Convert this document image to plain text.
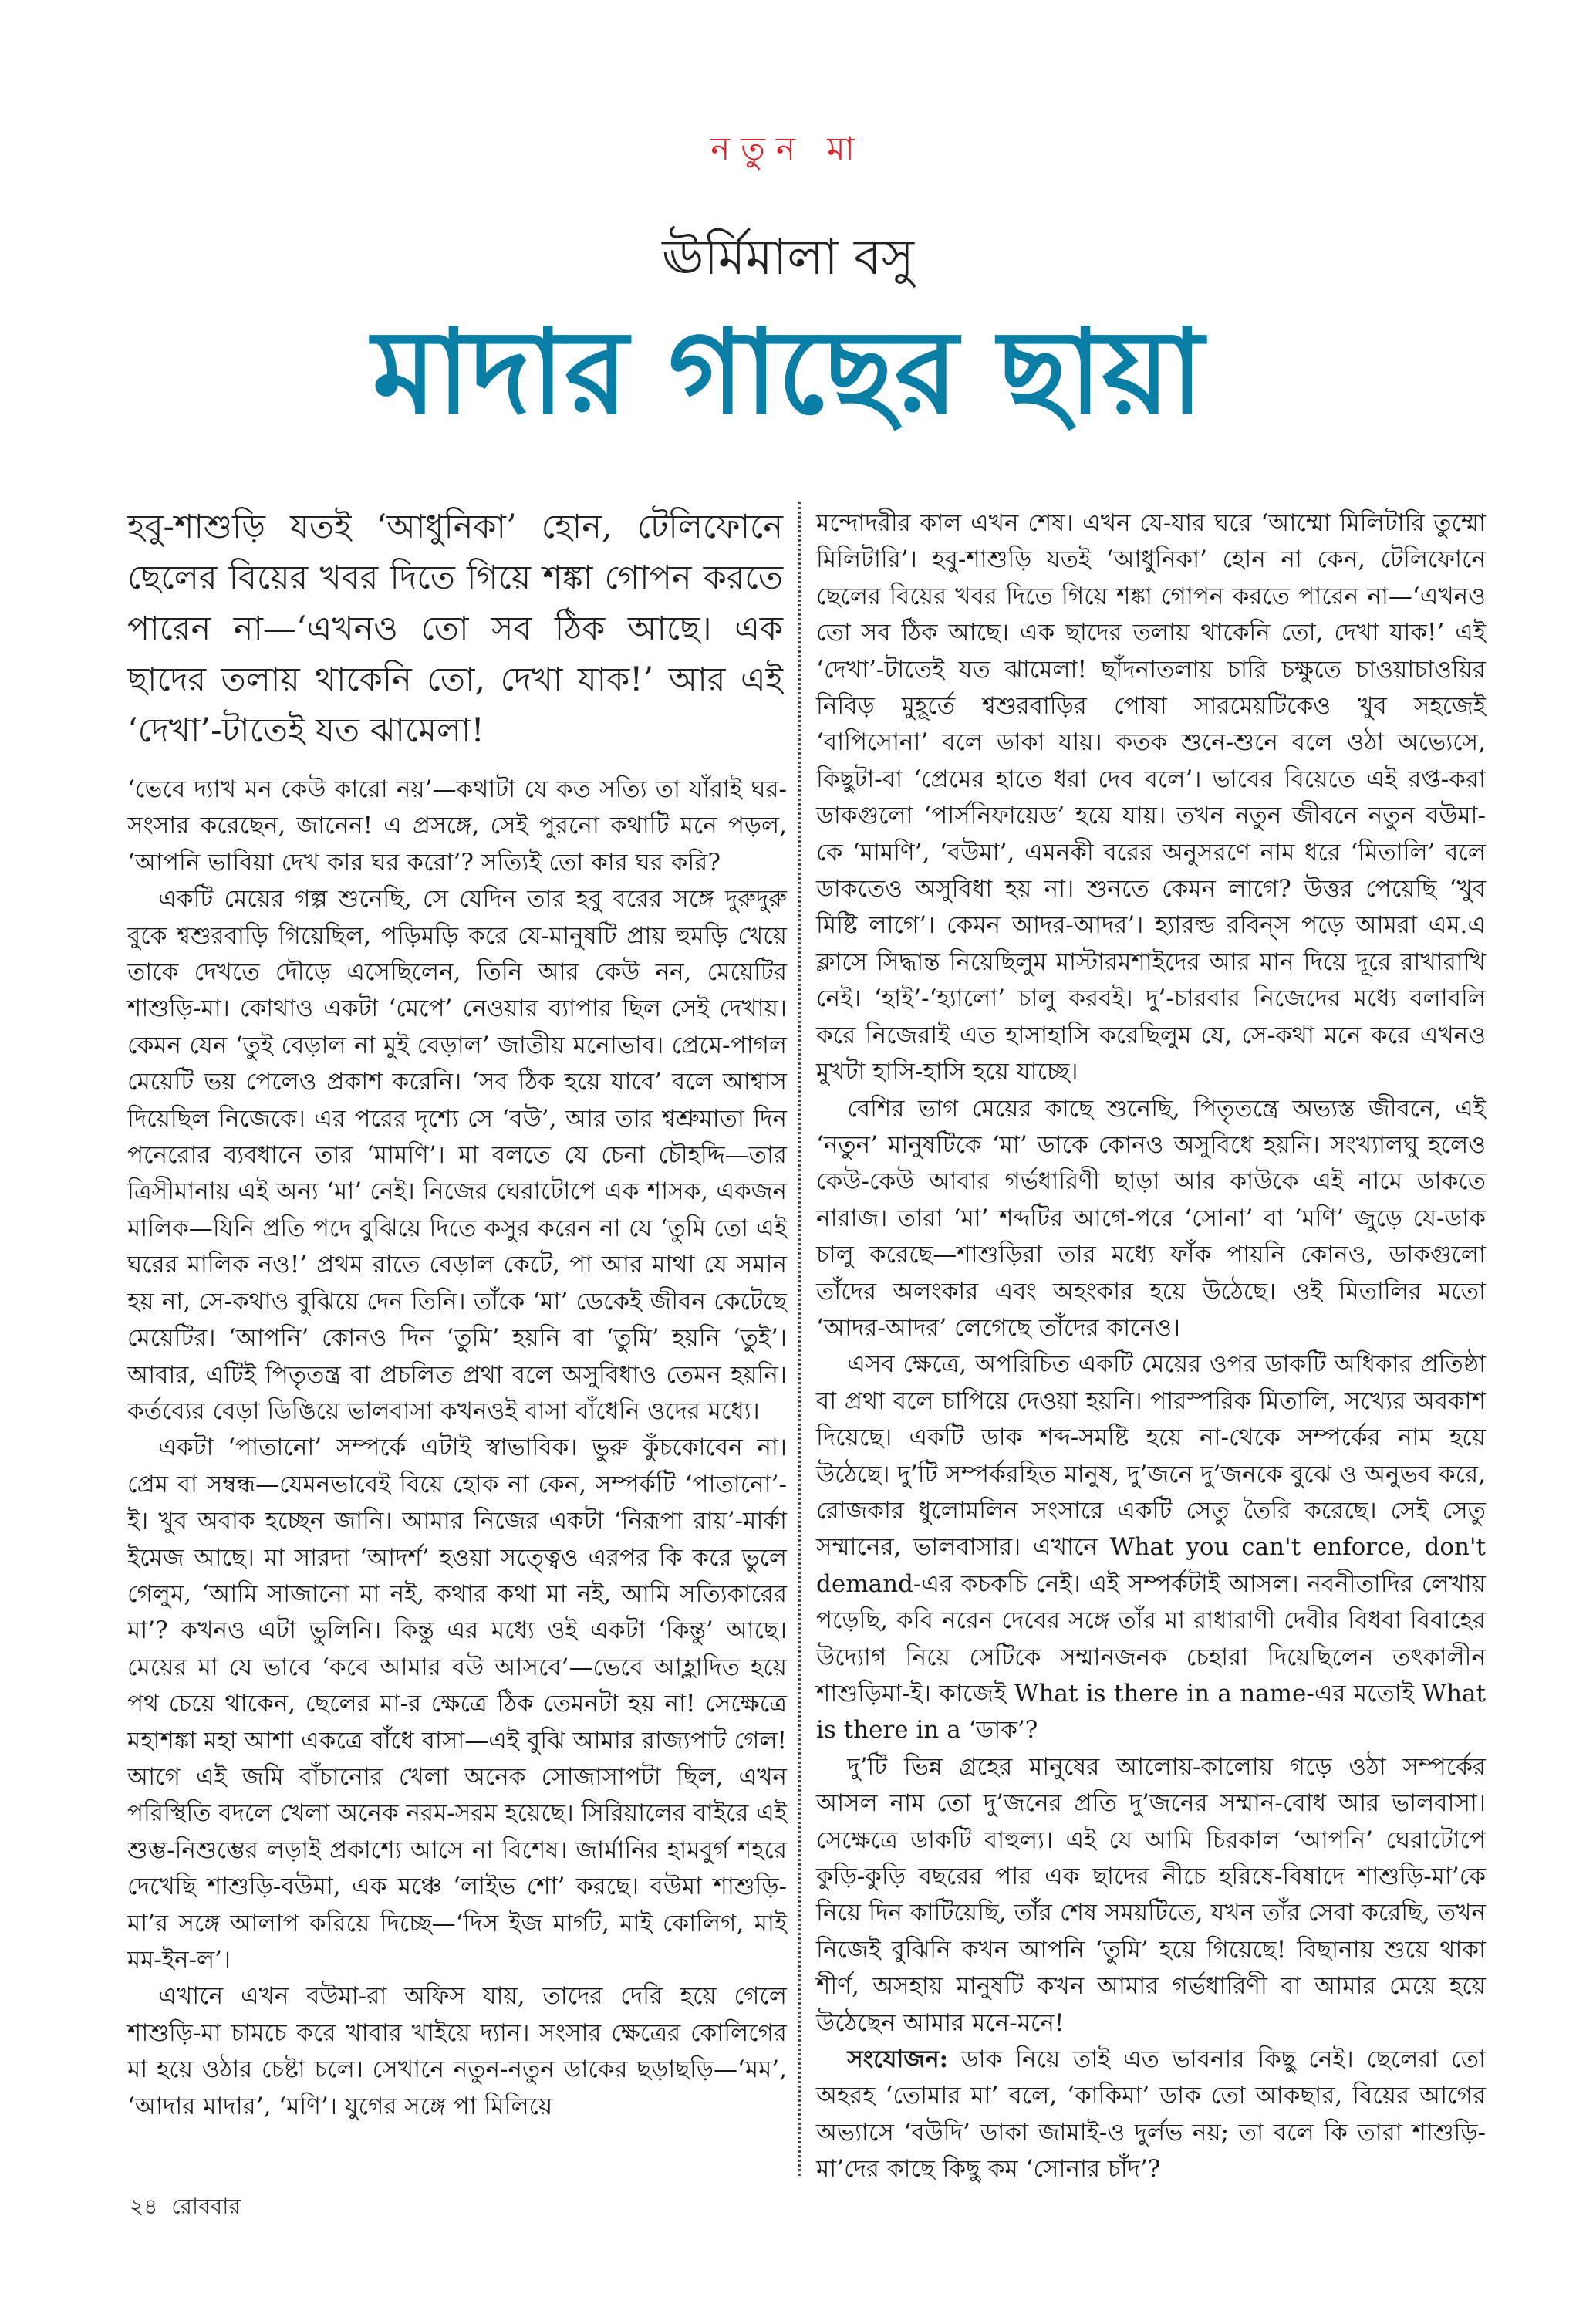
নতুন মা
ঊর্মিমালা বসু
মাদার গাছের ছায়া
হবু-শাশুড়ি যতই ‘আধুনিকা’ হোন, টেলিফোনে ছেলের বিয়ের খবর দিতে গিয়ে শঙ্কা গোপন করতে পারেন না—‘এখনও তো সব ঠিক আছে। এক ছাদের তলায় থাকেনি তো, দেখা যাক!’ আর এই ‘দেখা’-টাতেই যত ঝামেলা!

‘ভেবে দ্যাখ মন কেউ কারো নয়’—কথাটা যে কত সত্যি তা যাঁরাই ঘর-সংসার করেছেন, জানেন! এ প্রসঙ্গে, সেই পুরনো কথাটি মনে পড়ল, ‘আপনি ভাবিয়া দেখ কার ঘর করো’? সত্যিই তো কার ঘর করি?

একটি মেয়ের গল্প শুনেছি, সে যেদিন তার হবু বরের সঙ্গে দুরুদুরু বুকে শ্বশুরবাড়ি গিয়েছিল, পড়িমড়ি করে যে-মানুষটি প্রায় হুমড়ি খেয়ে তাকে দেখতে দৌড়ে এসেছিলেন, তিনি আর কেউ নন, মেয়েটির শাশুড়ি-মা। কোথাও একটা ‘মেপে’ নেওয়ার ব্যাপার ছিল সেই দেখায়। কেমন যেন ‘তুই বেড়াল না মুই বেড়াল’ জাতীয় মনোভাব। প্রেমে-পাগল মেয়েটি ভয় পেলেও প্রকাশ করেনি। ‘সব ঠিক হয়ে যাবে’ বলে আশ্বাস দিয়েছিল নিজেকে। এর পরের দৃশ্যে সে ‘বউ’, আর তার শ্বশ্রুমাতা দিন পনেরোর ব্যবধানে তার ‘মামণি’। মা বলতে যে চেনা চৌহদ্দি—তার ত্রিসীমানায় এই অন্য ‘মা’ নেই। নিজের ঘেরাটোপে এক শাসক, একজন মালিক—যিনি প্রতি পদে বুঝিয়ে দিতে কসুর করেন না যে ‘তুমি তো এই ঘরের মালিক নও!’ প্রথম রাতে বেড়াল কেটে, পা আর মাথা যে সমান হয় না, সে-কথাও বুঝিয়ে দেন তিনি। তাঁকে ‘মা’ ডেকেই জীবন কেটেছে মেয়েটির। ‘আপনি’ কোনও দিন ‘তুমি’ হয়নি বা ‘তুমি’ হয়নি ‘তুই’। আবার, এটিই পিতৃতন্ত্র বা প্রচলিত প্রথা বলে অসুবিধাও তেমন হয়নি। কর্তব্যের বেড়া ডিঙিয়ে ভালবাসা কখনওই বাসা বাঁধেনি ওদের মধ্যে।

একটা ‘পাতানো’ সম্পর্কে এটাই স্বাভাবিক। ভুরু কুঁচকোবেন না। প্রেম বা সম্বন্ধ—যেমনভাবেই বিয়ে হোক না কেন, সম্পর্কটি ‘পাতানো’-ই। খুব অবাক হচ্ছেন জানি। আমার নিজের একটা ‘নিরূপা রায়’-মার্কা ইমেজ আছে। মা সারদা ‘আদর্শ’ হওয়া সত্ত্বেও এরপর কি করে ভুলে গেলুম, ‘আমি সাজানো মা নই, কথার কথা মা নই, আমি সত্যিকারের মা’? কখনও এটা ভুলিনি। কিন্তু এর মধ্যে ওই একটা ‘কিন্তু’ আছে। মেয়ের মা যে ভাবে ‘কবে আমার বউ আসবে’—ভেবে আহ্লাদিত হয়ে পথ চেয়ে থাকেন, ছেলের মা-র ক্ষেত্রে ঠিক তেমনটা হয় না! সেক্ষেত্রে মহাশঙ্কা মহা আশা একত্রে বাঁধে বাসা—এই বুঝি আমার রাজ্যপাট গেল! আগে এই জমি বাঁচানোর খেলা অনেক সোজাসাপটা ছিল, এখন পরিস্থিতি বদলে খেলা অনেক নরম-সরম হয়েছে। সিরিয়ালের বাইরে এই শুম্ভ-নিশুম্ভের লড়াই প্রকাশ্যে আসে না বিশেষ। জার্মানির হামবুর্গ শহরে দেখেছি শাশুড়ি-বউমা, এক মঞ্চে ‘লাইভ শো’ করছে। বউমা শাশুড়ি-মা’র সঙ্গে আলাপ করিয়ে দিচ্ছে—‘দিস ইজ মার্গট, মাই কোলিগ, মাই মম-ইন-ল’।

এখানে এখন বউমা-রা অফিস যায়, তাদের দেরি হয়ে গেলে শাশুড়ি-মা চামচে করে খাবার খাইয়ে দ্যান। সংসার ক্ষেত্রের কোলিগের মা হয়ে ওঠার চেষ্টা চলে। সেখানে নতুন-নতুন ডাকের ছড়াছড়ি—‘মম’, ‘আদার মাদার’, ‘মণি’। যুগের সঙ্গে পা মিলিয়ে

মন্দোদরীর কাল এখন শেষ। এখন যে-যার ঘরে ‘আম্মো মিলিটারি তুম্মো মিলিটারি’। হবু-শাশুড়ি যতই ‘আধুনিকা’ হোন না কেন, টেলিফোনে ছেলের বিয়ের খবর দিতে গিয়ে শঙ্কা গোপন করতে পারেন না—‘এখনও তো সব ঠিক আছে। এক ছাদের তলায় থাকেনি তো, দেখা যাক!’ এই ‘দেখা’-টাতেই যত ঝামেলা! ছাঁদনাতলায় চারি চক্ষুতে চাওয়াচাওয়ির নিবিড় মুহূর্তে শ্বশুরবাড়ির পোষা সারমেয়টিকেও খুব সহজেই ‘বাপিসোনা’ বলে ডাকা যায়। কতক শুনে-শুনে বলে ওঠা অভ্যেসে, কিছুটা-বা ‘প্রেমের হাতে ধরা দেব বলে’। ভাবের বিয়েতে এই রপ্ত-করা ডাকগুলো ‘পার্সনিফায়েড’ হয়ে যায়। তখন নতুন জীবনে নতুন বউমা-কে ‘মামণি’, ‘বউমা’, এমনকী বরের অনুসরণে নাম ধরে ‘মিতালি’ বলে ডাকতেও অসুবিধা হয় না। শুনতে কেমন লাগে? উত্তর পেয়েছি ‘খুব মিষ্টি লাগে’। কেমন আদর-আদর’। হ্যারল্ড রবিন্‌স পড়ে আমরা এম.এ ক্লাসে সিদ্ধান্ত নিয়েছিলুম মাস্টারমশাইদের আর মান দিয়ে দূরে রাখারাখি নেই। ‘হাই’-‘হ্যালো’ চালু করবই। দু’-চারবার নিজেদের মধ্যে বলাবলি করে নিজেরাই এত হাসাহাসি করেছিলুম যে, সে-কথা মনে করে এখনও মুখটা হাসি-হাসি হয়ে যাচ্ছে।

বেশির ভাগ মেয়ের কাছে শুনেছি, পিতৃতন্ত্রে অভ্যস্ত জীবনে, এই ‘নতুন’ মানুষটিকে ‘মা’ ডাকে কোনও অসুবিধে হয়নি। সংখ্যালঘু হলেও কেউ-কেউ আবার গর্ভধারিণী ছাড়া আর কাউকে এই নামে ডাকতে নারাজ। তারা ‘মা’ শব্দটির আগে-পরে ‘সোনা’ বা ‘মণি’ জুড়ে যে-ডাক চালু করেছে—শাশুড়িরা তার মধ্যে ফাঁক পায়নি কোনও, ডাকগুলো তাঁদের অলংকার এবং অহংকার হয়ে উঠেছে। ওই মিতালির মতো ‘আদর-আদর’ লেগেছে তাঁদের কানেও।

এসব ক্ষেত্রে, অপরিচিত একটি মেয়ের ওপর ডাকটি অধিকার প্রতিষ্ঠা বা প্রথা বলে চাপিয়ে দেওয়া হয়নি। পারস্পরিক মিতালি, সখ্যের অবকাশ দিয়েছে। একটি ডাক শব্দ-সমষ্টি হয়ে না-থেকে সম্পর্কের নাম হয়ে উঠেছে। দু’টি সম্পর্করহিত মানুষ, দু’জনে দু’জনকে বুঝে ও অনুভব করে, রোজকার ধুলোমলিন সংসারে একটি সেতু তৈরি করেছে। সেই সেতু সম্মানের, ভালবাসার। এখানে What you can't enforce, don't demand-এর কচকচি নেই। এই সম্পর্কটাই আসল। নবনীতাদির লেখায় পড়েছি, কবি নরেন দেবের সঙ্গে তাঁর মা রাধারাণী দেবীর বিধবা বিবাহের উদ্যোগ নিয়ে সেটিকে সম্মানজনক চেহারা দিয়েছিলেন তৎকালীন শাশুড়িমা-ই। কাজেই What is there in a name-এর মতোই What is there in a ‘ডাক’?

দু’টি ভিন্ন গ্রহের মানুষের আলোয়-কালোয় গড়ে ওঠা সম্পর্কের আসল নাম তো দু’জনের প্রতি দু’জনের সম্মান-বোধ আর ভালবাসা। সেক্ষেত্রে ডাকটি বাহুল্য। এই যে আমি চিরকাল ‘আপনি’ ঘেরাটোপে কুড়ি-কুড়ি বছরের পার এক ছাদের নীচে হরিষে-বিষাদে শাশুড়ি-মা’কে নিয়ে দিন কাটিয়েছি, তাঁর শেষ সময়টিতে, যখন তাঁর সেবা করেছি, তখন নিজেই বুঝিনি কখন আপনি ‘তুমি’ হয়ে গিয়েছে! বিছানায় শুয়ে থাকা শীর্ণ, অসহায় মানুষটি কখন আমার গর্ভধারিণী বা আমার মেয়ে হয়ে উঠেছেন আমার মনে-মনে!

সংযোজন: ডাক নিয়ে তাই এত ভাবনার কিছু নেই। ছেলেরা তো অহরহ ‘তোমার মা’ বলে, ‘কাকিমা’ ডাক তো আকছার, বিয়ের আগের অভ্যাসে ‘বউদি’ ডাকা জামাই-ও দুর্লভ নয়; তা বলে কি তারা শাশুড়ি-মা’দের কাছে কিছু কম ‘সোনার চাঁদ’?

২৪ রোববার
